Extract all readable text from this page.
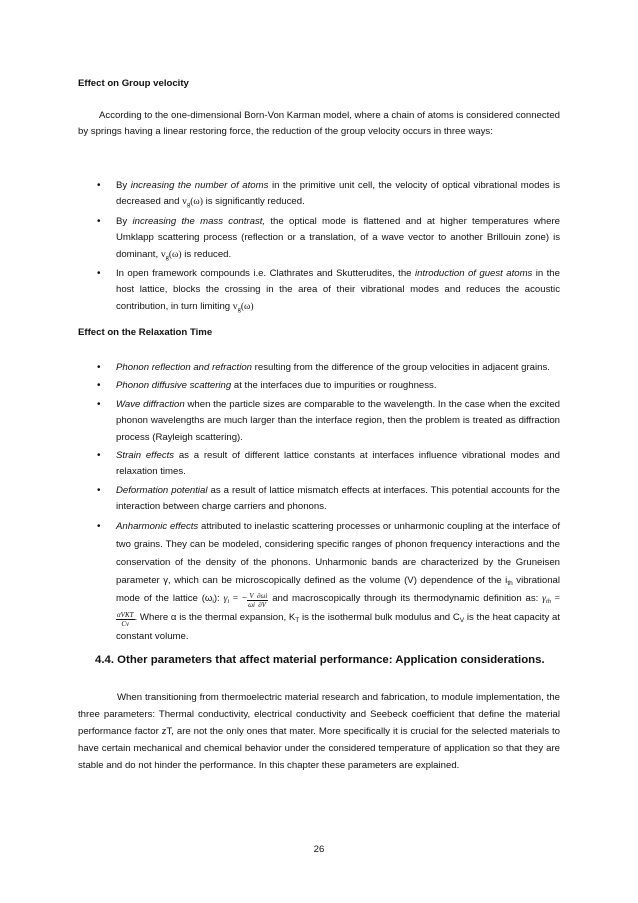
Effect on Group velocity
According to the one-dimensional Born-Von Karman model, where a chain of atoms is considered connected by springs having a linear restoring force, the reduction of the group velocity occurs in three ways:
• By increasing the number of atoms in the primitive unit cell, the velocity of optical vibrational modes is decreased and $v_g(\omega)$ is significantly reduced.
• By increasing the mass contrast, the optical mode is flattened and at higher temperatures where Umklapp scattering process (reflection or a translation, of a wave vector to another Brillouin zone) is dominant, $v_g(\omega)$ is reduced.
• In open framework compounds i.e. Clathrates and Skutterudites, the introduction of guest atoms in the host lattice, blocks the crossing in the area of their vibrational modes and reduces the acoustic contribution, in turn limiting $v_g(\omega)$
Effect on the Relaxation Time
• Phonon reflection and refraction resulting from the difference of the group velocities in adjacent grains.
• Phonon diffusive scattering at the interfaces due to impurities or roughness.
• Wave diffraction when the particle sizes are comparable to the wavelength. In the case when the excited phonon wavelengths are much larger than the interface region, then the problem is treated as diffraction process (Rayleigh scattering).
• Strain effects as a result of different lattice constants at interfaces influence vibrational modes and relaxation times.
• Deformation potential as a result of lattice mismatch effects at interfaces. This potential accounts for the interaction between charge carriers and phonons.
• Anharmonic effects attributed to inelastic scattering processes or unharmonic coupling at the interface of two grains. They can be modeled, considering specific ranges of phonon frequency interactions and the conservation of the density of the phonons. Unharmonic bands are characterized by the Gruneisen parameter γ, which can be microscopically defined as the volume (V) dependence of the $i_{th}$ vibrational mode of the lattice $(\omega_i)$: $\gamma_i$ = − $\frac{V}{\omega i} \frac{\partial\omega i}{\partial V}$ and macroscopically through its thermodynamic definition as: $\gamma_{th}$ =
$\frac{\text{αVKT}}{Cv}$ . Where α is the thermal expansion, $K_T$ is the isothermal bulk modulus and $C_V$ is the heat capacity at constant volume.
4.4. Other parameters that affect material performance: Application considerations.
When transitioning from thermoelectric material research and fabrication, to module implementation, the three parameters: Thermal conductivity, electrical conductivity and Seebeck coefficient that define the material performance factor zT, are not the only ones that mater. More specifically it is crucial for the selected materials to have certain mechanical and chemical behavior under the considered temperature of application so that they are stable and do not hinder the performance. In this chapter these parameters are explained.
26
